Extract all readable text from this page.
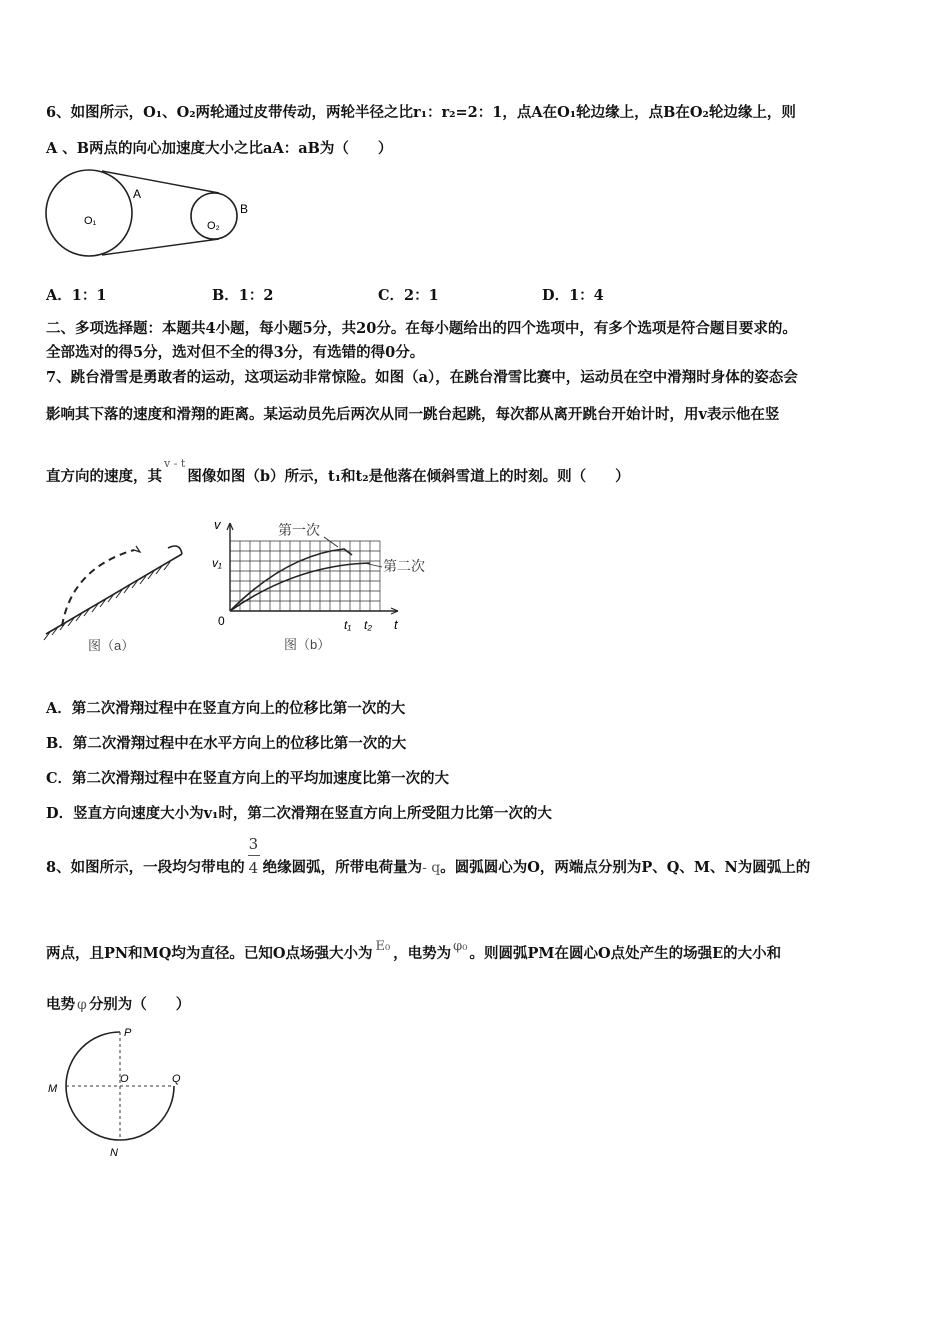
6、如图所示，O₁、O₂两轮通过皮带传动，两轮半径之比r₁：r₂=2：1，点A在O₁轮边缘上，点B在O₂轮边缘上，则
A 、B两点的向心加速度大小之比aA：aB为（　　）
A
B
O₁	O₂
A．1：1	B．1：2	C．2：1	D．1：4
二、多项选择题：本题共4小题，每小题5分，共20分。在每小题给出的四个选项中，有多个选项是符合题目要求的。
全部选对的得5分，选对但不全的得3分，有选错的得0分。
7、跳台滑雪是勇敢者的运动，这项运动非常惊险。如图（a），在跳台滑雪比赛中，运动员在空中滑翔时身体的姿态会
影响其下落的速度和滑翔的距离。某运动员先后两次从同一跳台起跳，每次都从离开跳台开始计时，用v表示他在竖
直方向的速度，其$^{v - t}$图像如图（b）所示，t₁和t₂是他落在倾斜雪道上的时刻。则（　　）
图（a）
v
v₁
0	t₁ t₂ t
第一次
第二次
图（b）
A．第二次滑翔过程中在竖直方向上的位移比第一次的大
B．第二次滑翔过程中在水平方向上的位移比第一次的大
C．第二次滑翔过程中在竖直方向上的平均加速度比第一次的大
D．竖直方向速度大小为v₁时，第二次滑翔在竖直方向上所受阻力比第一次的大
8、如图所示，一段均匀带电的 $\frac{3}{4}$ 绝缘圆弧，所带电荷量为- q。圆弧圆心为O，两端点分别为P、Q、M、N为圆弧上的
两点，且PN和MQ均为直径。已知O点场强大小为 E₀ ，电势为 φ₀ 。则圆弧PM在圆心O点处产生的场强E的大小和
电势 φ 分别为（　　）
P
M
O	Q
N
